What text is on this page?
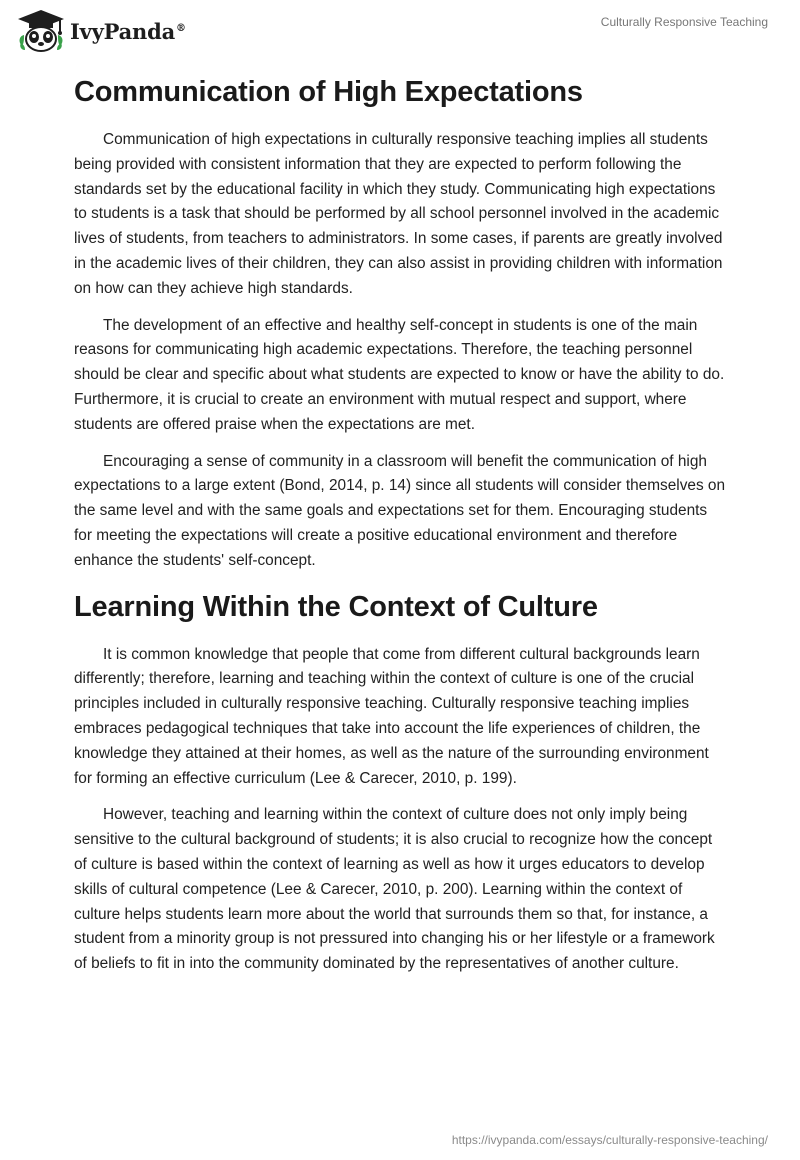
IvyPanda®	Culturally Responsive Teaching
Communication of High Expectations

Communication of high expectations in culturally responsive teaching implies all students being provided with consistent information that they are expected to perform following the standards set by the educational facility in which they study. Communicating high expectations to students is a task that should be performed by all school personnel involved in the academic lives of students, from teachers to administrators. In some cases, if parents are greatly involved in the academic lives of their children, they can also assist in providing children with information on how can they achieve high standards.

The development of an effective and healthy self-concept in students is one of the main reasons for communicating high academic expectations. Therefore, the teaching personnel should be clear and specific about what students are expected to know or have the ability to do. Furthermore, it is crucial to create an environment with mutual respect and support, where students are offered praise when the expectations are met.

Encouraging a sense of community in a classroom will benefit the communication of high expectations to a large extent (Bond, 2014, p. 14) since all students will consider themselves on the same level and with the same goals and expectations set for them. Encouraging students for meeting the expectations will create a positive educational environment and therefore enhance the students' self-concept.

Learning Within the Context of Culture

It is common knowledge that people that come from different cultural backgrounds learn differently; therefore, learning and teaching within the context of culture is one of the crucial principles included in culturally responsive teaching. Culturally responsive teaching implies embraces pedagogical techniques that take into account the life experiences of children, the knowledge they attained at their homes, as well as the nature of the surrounding environment for forming an effective curriculum (Lee & Carecer, 2010, p. 199).

However, teaching and learning within the context of culture does not only imply being sensitive to the cultural background of students; it is also crucial to recognize how the concept of culture is based within the context of learning as well as how it urges educators to develop skills of cultural competence (Lee & Carecer, 2010, p. 200). Learning within the context of culture helps students learn more about the world that surrounds them so that, for instance, a student from a minority group is not pressured into changing his or her lifestyle or a framework of beliefs to fit in into the community dominated by the representatives of another culture.

https://ivypanda.com/essays/culturally-responsive-teaching/
